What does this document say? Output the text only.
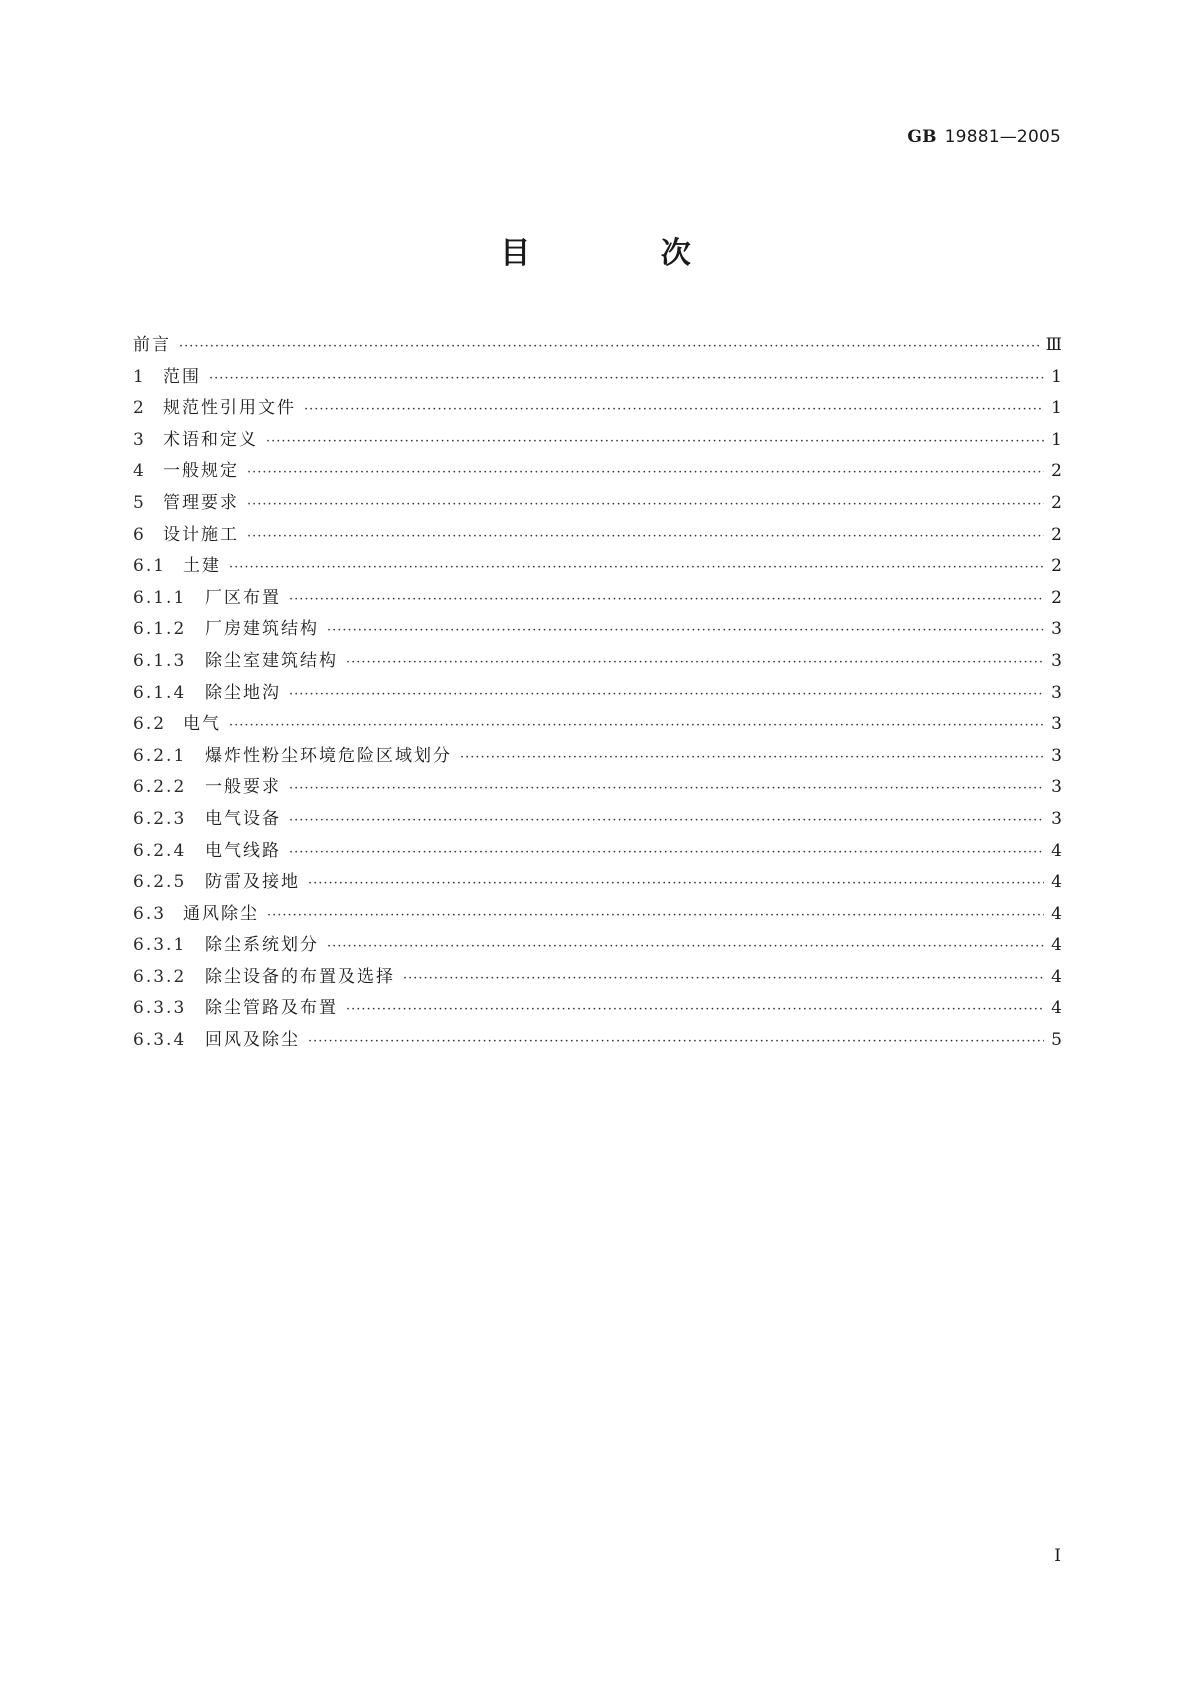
GB 19881—2005
目 次
前言 ·····	Ⅲ
1	范围 ·····	1
2	规范性引用文件 ·····	1
3	术语和定义 ·····	1
4	一般规定 ·····	2
5	管理要求 ·····	2
6	设计施工 ·····	2
6.1 土建 ·····	2
6.1.1	厂区布置 ·····	2
6.1.2	厂房建筑结构 ·····	3
6.1.3	除尘室建筑结构 ·····	3
6.1.4	除尘地沟 ·····	3
6.2 电气 ·····	3
6.2.1	爆炸性粉尘环境危险区域划分 ·····	3
6.2.2	一般要求 ·····	3
6.2.3	电气设备 ·····	3
6.2.4	电气线路 ·····	4
6.2.5	防雷及接地 ·····	4
6.3 通风除尘 ·····	4
6.3.1	除尘系统划分 ·····	4
6.3.2	除尘设备的布置及选择 ·····	4
6.3.3	除尘管路及布置 ·····	4
6.3.4	回风及除尘 ·····	5
I
